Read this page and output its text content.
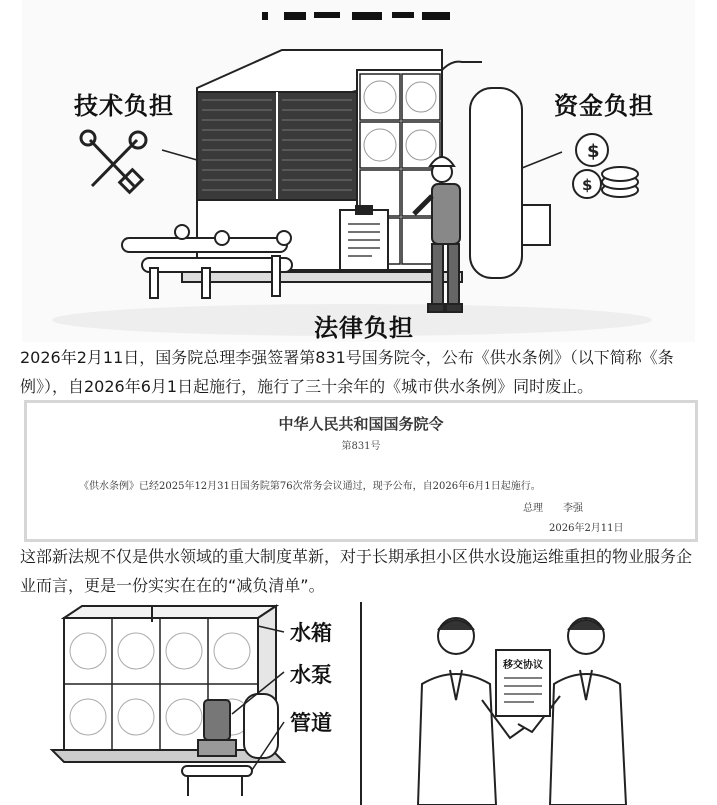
$
$
技术负担	资金负担
法律负担

2026年2月11日，国务院总理李强签署第831号国务院令，公布《供水条例》（以下简称《条例》），自2026年6月1日起施行，施行了三十余年的《城市供水条例》同时废止。

中华人民共和国国务院令
第831号
《供水条例》已经2025年12月31日国务院第76次常务会议通过，现予公布，自2026年6月1日起施行。
总理 李强
2026年2月11日

这部新法规不仅是供水领域的重大制度革新，对于长期承担小区供水设施运维重担的物业服务企业而言，更是一份实实在在的“减负清单”。

水箱
水泵
管道
移交协议
